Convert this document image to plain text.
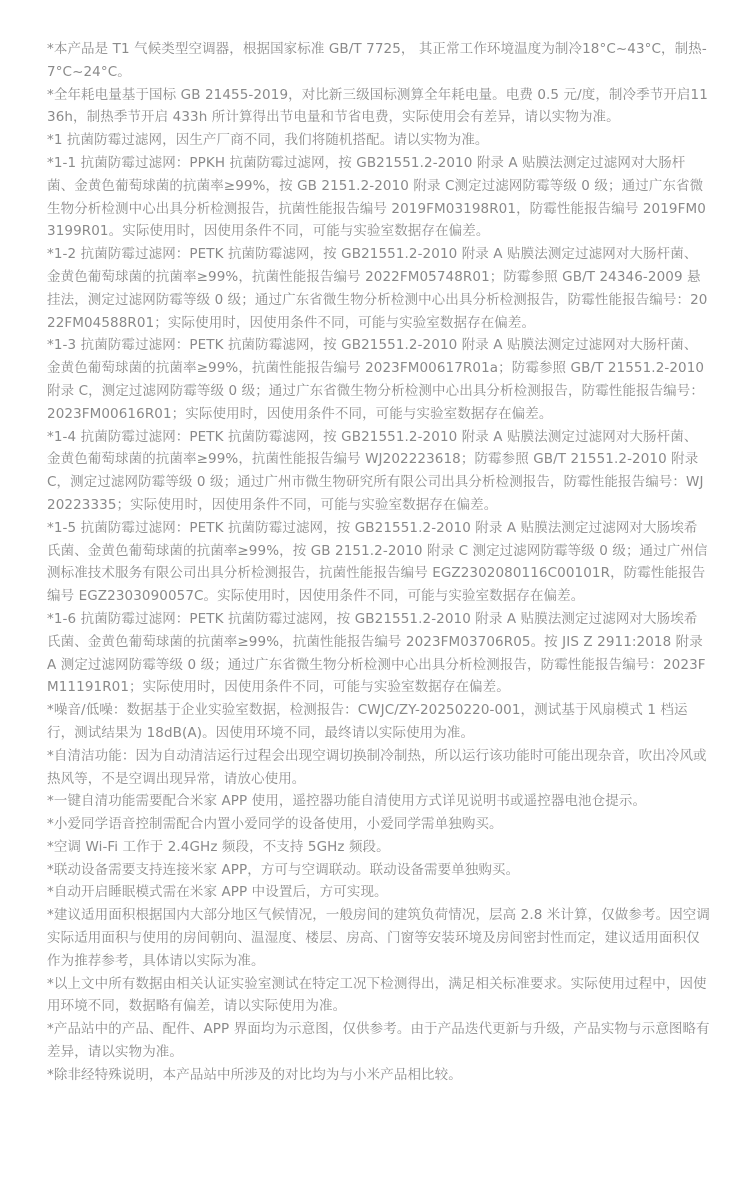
*本产品是 T1 气候类型空调器，根据国家标准 GB/T 7725， 其正常工作环境温度为制冷18°C~43°C，制热-7°C~24°C。

*全年耗电量基于国标 GB 21455-2019，对比新三级国标测算全年耗电量。电费 0.5 元/度，制冷季节开启1136h，制热季节开启 433h 所计算得出节电量和节省电费，实际使用会有差异，请以实物为准。

*1 抗菌防霉过滤网，因生产厂商不同，我们将随机搭配。请以实物为准。

*1-1 抗菌防霉过滤网：PPKH 抗菌防霉过滤网，按 GB21551.2-2010 附录 A 贴膜法测定过滤网对大肠杆菌、金黄色葡萄球菌的抗菌率≥99%，按 GB 2151.2-2010 附录 C测定过滤网防霉等级 0 级；通过广东省微生物分析检测中心出具分析检测报告，抗菌性能报告编号 2019FM03198R01，防霉性能报告编号 2019FM03199R01。实际使用时，因使用条件不同，可能与实验室数据存在偏差。

*1-2 抗菌防霉过滤网：PETK 抗菌防霉滤网，按 GB21551.2-2010 附录 A 贴膜法测定过滤网对大肠杆菌、金黄色葡萄球菌的抗菌率≥99%，抗菌性能报告编号 2022FM05748R01；防霉参照 GB/T 24346-2009 悬挂法，测定过滤网防霉等级 0 级；通过广东省微生物分析检测中心出具分析检测报告，防霉性能报告编号：2022FM04588R01；实际使用时，因使用条件不同，可能与实验室数据存在偏差。

*1-3 抗菌防霉过滤网：PETK 抗菌防霉滤网，按 GB21551.2-2010 附录 A 贴膜法测定过滤网对大肠杆菌、金黄色葡萄球菌的抗菌率≥99%，抗菌性能报告编号 2023FM00617R01a；防霉参照 GB/T 21551.2-2010 附录 C，测定过滤网防霉等级 0 级；通过广东省微生物分析检测中心出具分析检测报告，防霉性能报告编号：2023FM00616R01；实际使用时，因使用条件不同，可能与实验室数据存在偏差。

*1-4 抗菌防霉过滤网：PETK 抗菌防霉滤网，按 GB21551.2-2010 附录 A 贴膜法测定过滤网对大肠杆菌、金黄色葡萄球菌的抗菌率≥99%，抗菌性能报告编号 WJ202223618；防霉参照 GB/T 21551.2-2010 附录 C，测定过滤网防霉等级 0 级；通过广州市微生物研究所有限公司出具分析检测报告，防霉性能报告编号：WJ20223335；实际使用时，因使用条件不同，可能与实验室数据存在偏差。

*1-5 抗菌防霉过滤网：PETK 抗菌防霉过滤网，按 GB21551.2-2010 附录 A 贴膜法测定过滤网对大肠埃希氏菌、金黄色葡萄球菌的抗菌率≥99%，按 GB 2151.2-2010 附录 C 测定过滤网防霉等级 0 级；通过广州信测标准技术服务有限公司出具分析检测报告，抗菌性能报告编号 EGZ2302080116C00101R，防霉性能报告编号 EGZ2303090057C。实际使用时，因使用条件不同，可能与实验室数据存在偏差。

*1-6 抗菌防霉过滤网：PETK 抗菌防霉过滤网，按 GB21551.2-2010 附录 A 贴膜法测定过滤网对大肠埃希氏菌、金黄色葡萄球菌的抗菌率≥99%，抗菌性能报告编号 2023FM03706R05。按 JIS Z 2911:2018 附录 A 测定过滤网防霉等级 0 级；通过广东省微生物分析检测中心出具分析检测报告，防霉性能报告编号：2023FM11191R01；实际使用时，因使用条件不同，可能与实验室数据存在偏差。

*噪音/低噪：数据基于企业实验室数据，检测报告：CWJC/ZY-20250220-001，测试基于风扇模式 1 档运行，测试结果为 18dB(A)。因使用环境不同，最终请以实际使用为准。

*自清洁功能：因为自动清洁运行过程会出现空调切换制冷制热，所以运行该功能时可能出现杂音，吹出冷风或热风等，不是空调出现异常，请放心使用。

*一键自清功能需要配合米家 APP 使用，遥控器功能自清使用方式详见说明书或遥控器电池仓提示。

*小爱同学语音控制需配合内置小爱同学的设备使用，小爱同学需单独购买。

*空调 Wi-Fi 工作于 2.4GHz 频段，不支持 5GHz 频段。

*联动设备需要支持连接米家 APP，方可与空调联动。联动设备需要单独购买。

*自动开启睡眠模式需在米家 APP 中设置后，方可实现。

*建议适用面积根据国内大部分地区气候情况，一般房间的建筑负荷情况，层高 2.8 米计算，仅做参考。因空调实际适用面积与使用的房间朝向、温湿度、楼层、房高、门窗等安装环境及房间密封性而定，建议适用面积仅作为推荐参考，具体请以实际为准。

*以上文中所有数据由相关认证实验室测试在特定工况下检测得出，满足相关标准要求。实际使用过程中，因使用环境不同，数据略有偏差，请以实际使用为准。

*产品站中的产品、配件、APP 界面均为示意图，仅供参考。由于产品迭代更新与升级，产品实物与示意图略有差异，请以实物为准。

*除非经特殊说明，本产品站中所涉及的对比均为与小米产品相比较。
